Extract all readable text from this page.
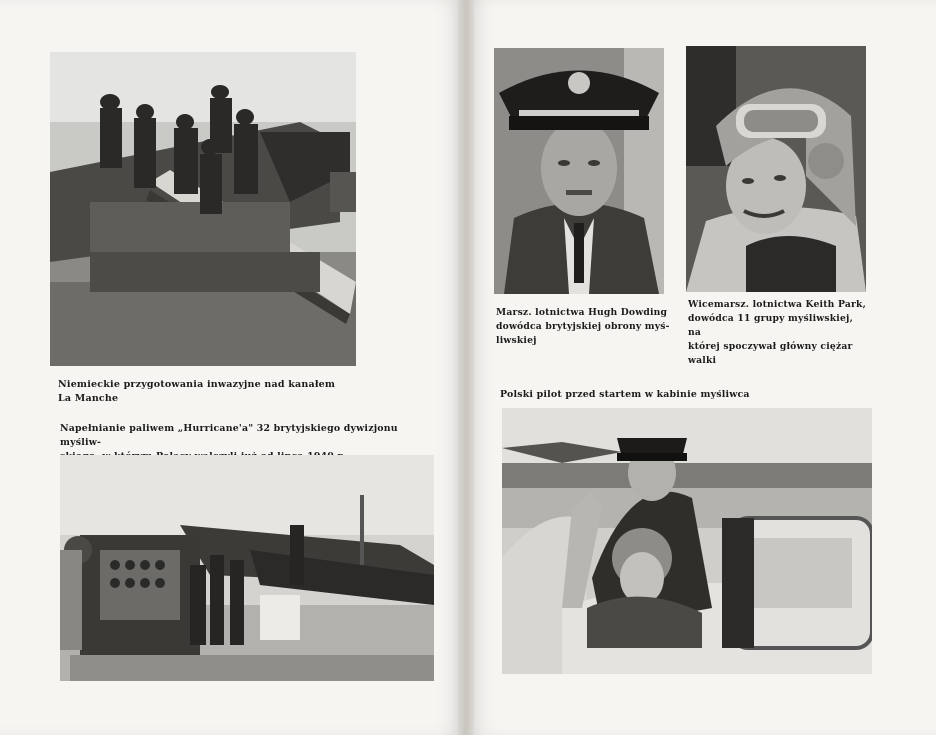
Niemieckie przygotowania inwazyjne nad kanałem
La Manche
Napełnianie paliwem „Hurricane'a" 32 brytyjskiego dywizjonu myśliw-
Marsz. lotnictwa Hugh Dowding
dowódca brytyjskiej obrony myś-
liwskiej
Wicemarsz. lotnictwa Keith Park,
dowódca 11 grupy myśliwskiej, na
której spoczywał główny ciężar
walki
Polski pilot przed startem w kabinie myśliwca
